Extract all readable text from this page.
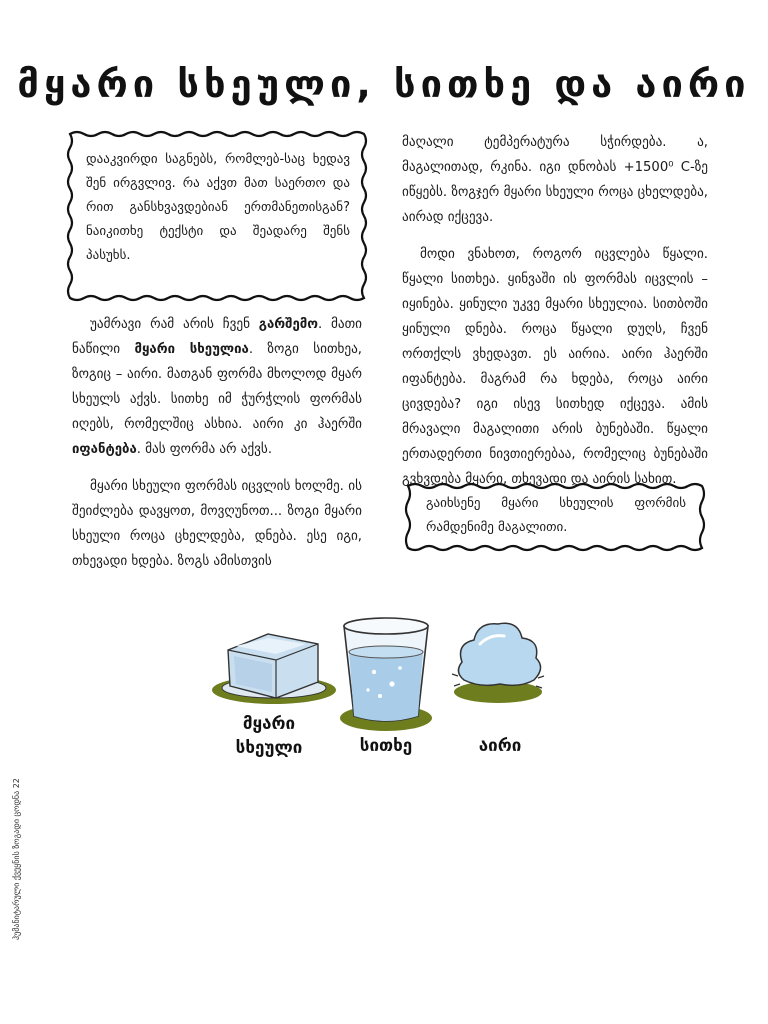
მყარი სხეული, სითხე და აირი
დააკვირდი საგნებს, რომლებ-საც ხედავ შენ ირგვლივ. რა აქვთ მათ საერთო და რით განსხვავდებიან ერთმანეთისგან? ნაიკითხე ტექსტი და შეადარე შენს პასუხს.

უამრავი რამ არის ჩვენ გარშემო. მათი ნაწილი მყარი სხეულია. ზოგი სითხეა, ზოგიც – აირი. მათგან ფორმა მხოლოდ მყარ სხეულს აქვს. სითხე იმ ჭურჭლის ფორმას იღებს, რომელშიც ასხია. აირი კი ჰაერში იფანტება. მას ფორმა არ აქვს.

მყარი სხეული ფორმას იცვლის ხოლმე. ის შეიძლება დავყოთ, მოვღუნოთ... ზოგი მყარი სხეული როცა ცხელდება, დნება. ესე იგი, თხევადი ხდება. ზოგს ამისთვის

მაღალი ტემპერატურა სჭირდება. ა, მაგალითად, რკინა. იგი დნობას +1500⁰ C-ზე იწყებს. ზოგჯერ მყარი სხეული როცა ცხელდება, აირად იქცევა.

მოდი ვნახოთ, როგორ იცვლება წყალი. წყალი სითხეა. ყინვაში ის ფორმას იცვლის – იყინება. ყინული უკვე მყარი სხეულია. სითბოში ყინული დნება. როცა წყალი დუღს, ჩვენ ორთქლს ვხედავთ. ეს აირია. აირი ჰაერში იფანტება. მაგრამ რა ხდება, როცა აირი ცივდება? იგი ისევ სითხედ იქცევა. ამის მრავალი მაგალითი არის ბუნებაში. წყალი ერთადერთი ნივთიერებაა, რომელიც ბუნებაში გვხვდება მყარი, თხევადი და აირის სახით.

გაიხსენე მყარი სხეულის ფორმის რამდენიმე მაგალითი.
მყარი
სხეული	სითხე	აირი
ჰუმანიტარული ქვეყნის ზოგადი ცოდნა 22
